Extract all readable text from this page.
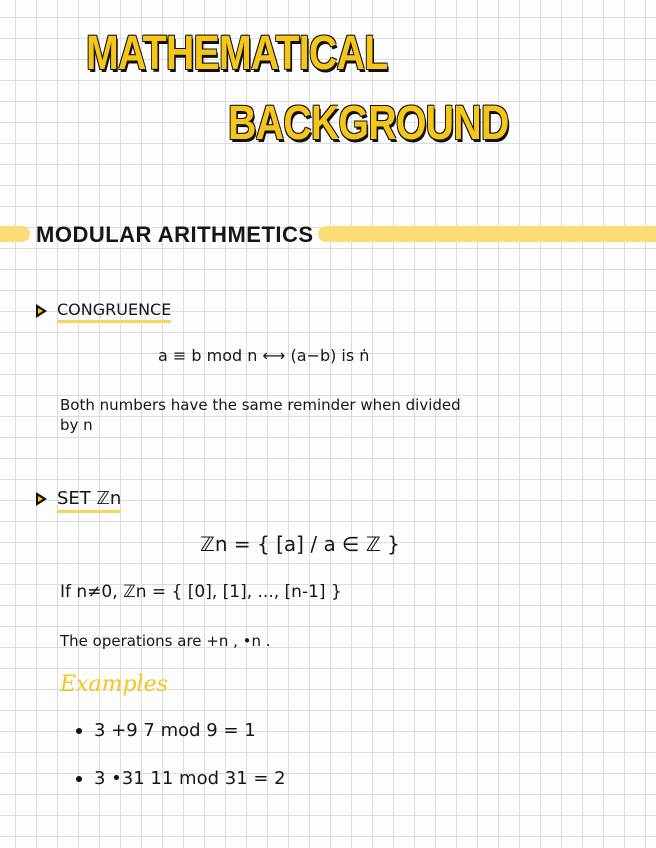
MATHEMATICAL
BACKGROUND
MODULAR ARITHMETICS
CONGRUENCE
a ≡ b mod n ⟷ (a−b) is ṅ
Both numbers have the same reminder when divided
by n
SET ℤn
ℤn = { [a] / a ∈ ℤ }
If n≠0, ℤn = { [0], [1], ..., [n-1] }
The operations are +n , •n .
Examples
3 +9 7 mod 9 = 1
3 •31 11 mod 31 = 2
